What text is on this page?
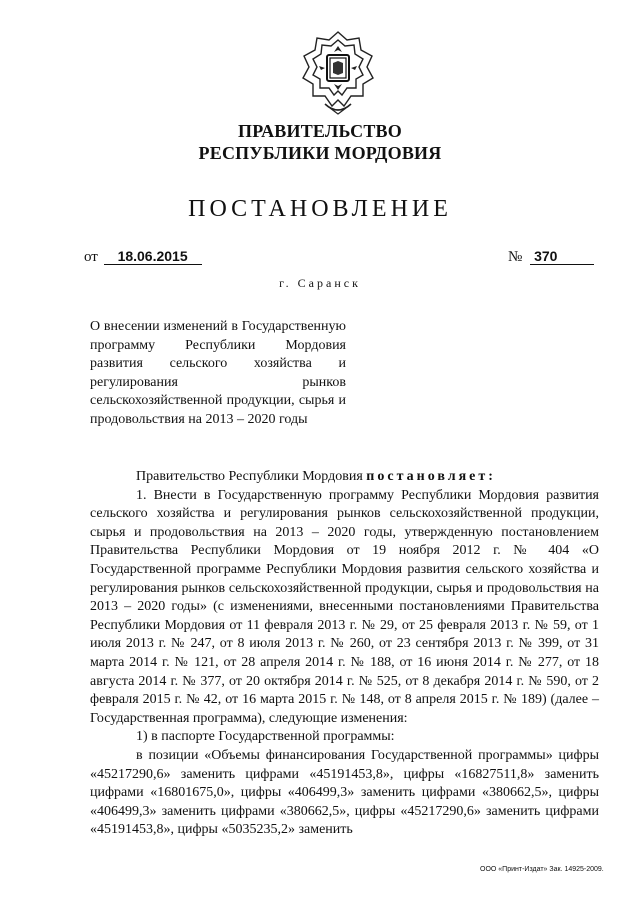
ПРАВИТЕЛЬСТВО
РЕСПУБЛИКИ МОРДОВИЯ
ПОСТАНОВЛЕНИЕ
от 18.06.2015	№ 370
г. Саранск
О внесении изменений в Государственную программу Республики Мордовия развития сельского хозяйства и регулирования рынков сельскохозяйственной продукции, сырья и продовольствия на 2013 – 2020 годы

Правительство Республики Мордовия постановляет:

1. Внести в Государственную программу Республики Мордовия развития сельского хозяйства и регулирования рынков сельскохозяйственной продукции, сырья и продовольствия на 2013 – 2020 годы, утвержденную постановлением Правительства Республики Мордовия от 19 ноября 2012 г. № 404 «О Государственной программе Республики Мордовия развития сельского хозяйства и регулирования рынков сельскохозяйственной продукции, сырья и продовольствия на 2013 – 2020 годы» (с изменениями, внесенными постановлениями Правительства Республики Мордовия от 11 февраля 2013 г. № 29, от 25 февраля 2013 г. № 59, от 1 июля 2013 г. № 247, от 8 июля 2013 г. № 260, от 23 сентября 2013 г. № 399, от 31 марта 2014 г. № 121, от 28 апреля 2014 г. № 188, от 16 июня 2014 г. № 277, от 18 августа 2014 г. № 377, от 20 октября 2014 г. № 525, от 8 декабря 2014 г. № 590, от 2 февраля 2015 г. № 42, от 16 марта 2015 г. № 148, от 8 апреля 2015 г. № 189) (далее – Государственная программа), следующие изменения:

1) в паспорте Государственной программы:

в позиции «Объемы финансирования Государственной программы» цифры «45217290,6» заменить цифрами «45191453,8», цифры «16827511,8» заменить цифрами «16801675,0», цифры «406499,3» заменить цифрами «380662,5», цифры «406499,3» заменить цифрами «380662,5», цифры «45217290,6» заменить цифрами «45191453,8», цифры «5035235,2» заменить

ООО «Принт-Издат» Зак. 14925-2009.
